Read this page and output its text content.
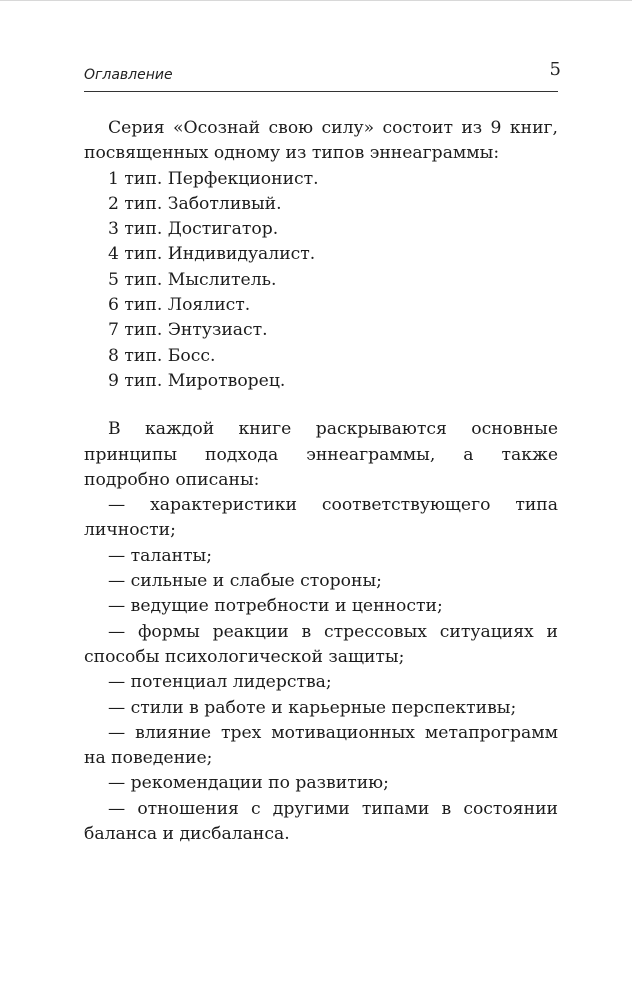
Оглавление	5

Серия «Осознай свою силу» состоит из 9 книг, посвященных одному из типов эннеаграммы:

1 тип. Перфекционист.
2 тип. Заботливый.
3 тип. Достигатор.
4 тип. Индивидуалист.
5 тип. Мыслитель.
6 тип. Лоялист.
7 тип. Энтузиаст.
8 тип. Босс.
9 тип. Миротворец.

В каждой книге раскрываются основные принципы подхода эннеаграммы, а также подробно описаны:

— характеристики соответствующего типа личности;
— таланты;
— сильные и слабые стороны;
— ведущие потребности и ценности;
— формы реакции в стрессовых ситуациях и способы психологической защиты;
— потенциал лидерства;
— стили в работе и карьерные перспективы;
— влияние трех мотивационных метапрограмм на поведение;
— рекомендации по развитию;
— отношения с другими типами в состоянии баланса и дисбаланса.
